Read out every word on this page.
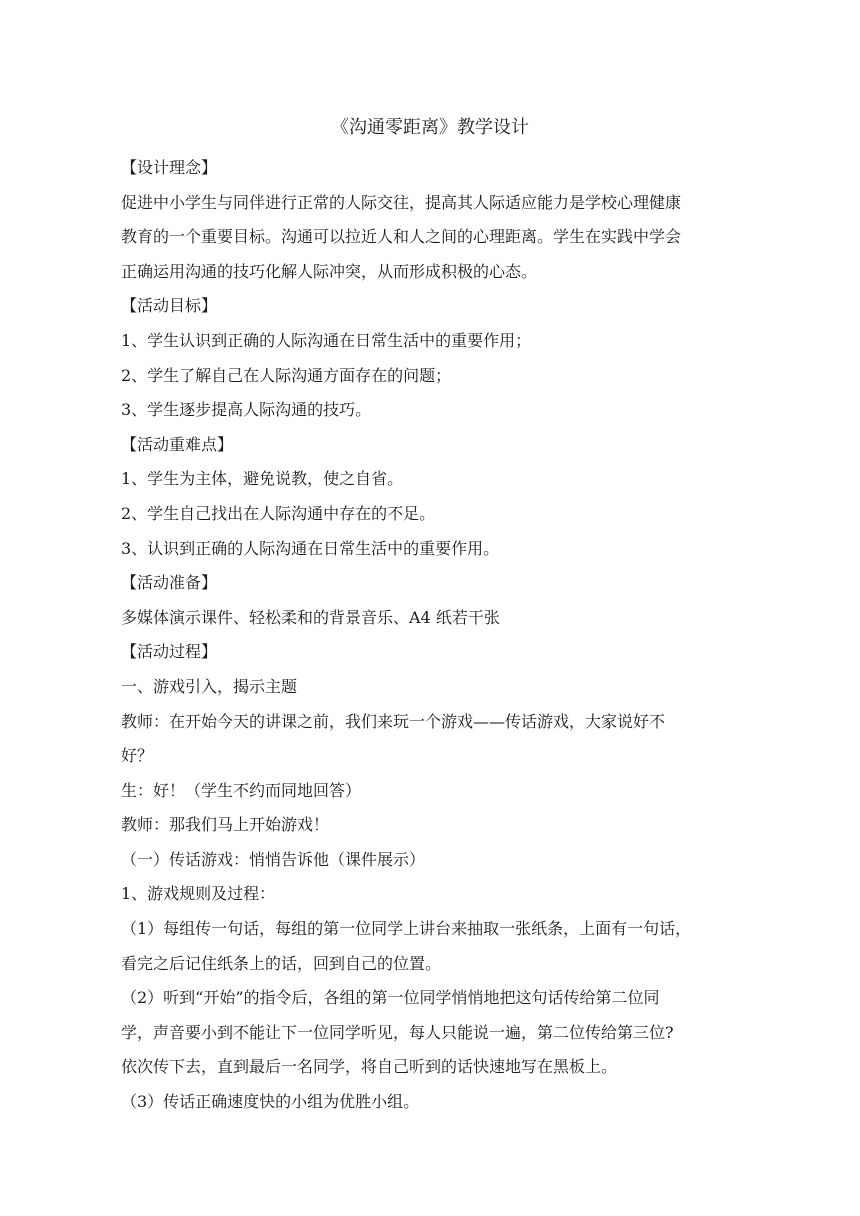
《沟通零距离》教学设计
【设计理念】
促进中小学生与同伴进行正常的人际交往，提高其人际适应能力是学校心理健康
教育的一个重要目标。沟通可以拉近人和人之间的心理距离。学生在实践中学会
正确运用沟通的技巧化解人际冲突，从而形成积极的心态。
【活动目标】
1、学生认识到正确的人际沟通在日常生活中的重要作用；
2、学生了解自己在人际沟通方面存在的问题；
3、学生逐步提高人际沟通的技巧。
【活动重难点】
1、学生为主体，避免说教，使之自省。
2、学生自己找出在人际沟通中存在的不足。
3、认识到正确的人际沟通在日常生活中的重要作用。
【活动准备】
多媒体演示课件、轻松柔和的背景音乐、A4 纸若干张
【活动过程】
一、游戏引入，揭示主题
教师：在开始今天的讲课之前，我们来玩一个游戏——传话游戏，大家说好不
好？
生：好！（学生不约而同地回答）
教师：那我们马上开始游戏！
（一）传话游戏：悄悄告诉他（课件展示）
1、游戏规则及过程：
（1）每组传一句话，每组的第一位同学上讲台来抽取一张纸条，上面有一句话，
看完之后记住纸条上的话，回到自己的位置。
（2）听到“开始”的指令后，各组的第一位同学悄悄地把这句话传给第二位同
学，声音要小到不能让下一位同学听见，每人只能说一遍，第二位传给第三位?
依次传下去，直到最后一名同学，将自己听到的话快速地写在黑板上。
（3）传话正确速度快的小组为优胜小组。
